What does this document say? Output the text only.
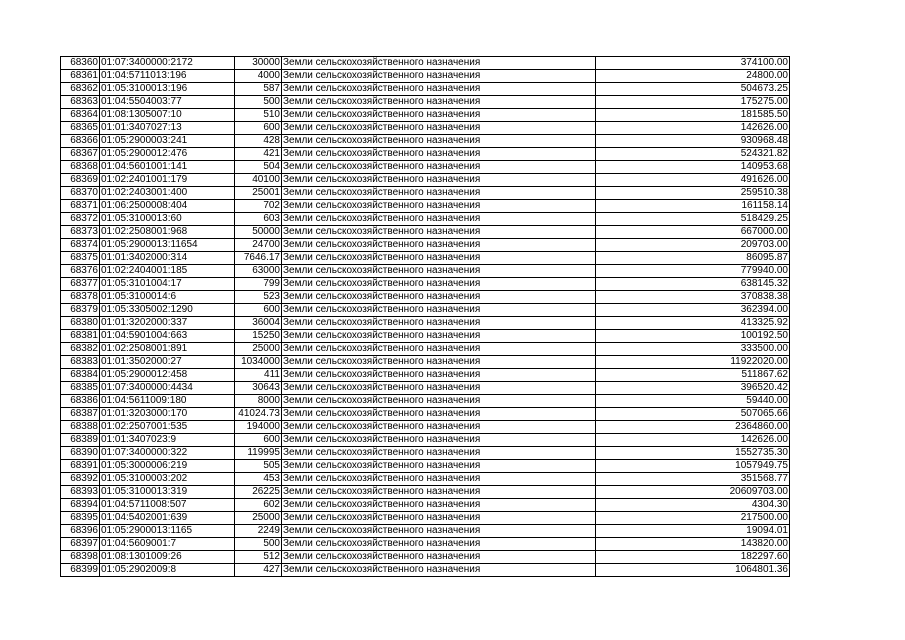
68360	01:07:3400000:2172	30000	Земли сельскохозяйственного назначения	374100.00
68361	01:04:5711013:196	4000	Земли сельскохозяйственного назначения	24800.00
68362	01:05:3100013:196	587	Земли сельскохозяйственного назначения	504673.25
68363	01:04:5504003:77	500	Земли сельскохозяйственного назначения	175275.00
68364	01:08:1305007:10	510	Земли сельскохозяйственного назначения	181585.50
68365	01:01:3407027:13	600	Земли сельскохозяйственного назначения	142626.00
68366	01:05:2900003:241	428	Земли сельскохозяйственного назначения	930968.48
68367	01:05:2900012:476	421	Земли сельскохозяйственного назначения	524321.82
68368	01:04:5601001:141	504	Земли сельскохозяйственного назначения	140953.68
68369	01:02:2401001:179	40100	Земли сельскохозяйственного назначения	491626.00
68370	01:02:2403001:400	25001	Земли сельскохозяйственного назначения	259510.38
68371	01:06:2500008:404	702	Земли сельскохозяйственного назначения	161158.14
68372	01:05:3100013:60	603	Земли сельскохозяйственного назначения	518429.25
68373	01:02:2508001:968	50000	Земли сельскохозяйственного назначения	667000.00
68374	01:05:2900013:11654	24700	Земли сельскохозяйственного назначения	209703.00
68375	01:01:3402000:314	7646.17	Земли сельскохозяйственного назначения	86095.87
68376	01:02:2404001:185	63000	Земли сельскохозяйственного назначения	779940.00
68377	01:05:3101004:17	799	Земли сельскохозяйственного назначения	638145.32
68378	01:05:3100014:6	523	Земли сельскохозяйственного назначения	370838.38
68379	01:05:3305002:1290	600	Земли сельскохозяйственного назначения	362394.00
68380	01:01:3202000:337	36004	Земли сельскохозяйственного назначения	413325.92
68381	01:04:5901004:663	15250	Земли сельскохозяйственного назначения	100192.50
68382	01:02:2508001:891	25000	Земли сельскохозяйственного назначения	333500.00
68383	01:01:3502000:27	1034000	Земли сельскохозяйственного назначения	11922020.00
68384	01:05:2900012:458	411	Земли сельскохозяйственного назначения	511867.62
68385	01:07:3400000:4434	30643	Земли сельскохозяйственного назначения	396520.42
68386	01:04:5611009:180	8000	Земли сельскохозяйственного назначения	59440.00
68387	01:01:3203000:170	41024.73	Земли сельскохозяйственного назначения	507065.66
68388	01:02:2507001:535	194000	Земли сельскохозяйственного назначения	2364860.00
68389	01:01:3407023:9	600	Земли сельскохозяйственного назначения	142626.00
68390	01:07:3400000:322	119995	Земли сельскохозяйственного назначения	1552735.30
68391	01:05:3000006:219	505	Земли сельскохозяйственного назначения	1057949.75
68392	01:05:3100003:202	453	Земли сельскохозяйственного назначения	351568.77
68393	01:05:3100013:319	26225	Земли сельскохозяйственного назначения	20609703.00
68394	01:04:5711008:507	602	Земли сельскохозяйственного назначения	4304.30
68395	01:04:5402001:639	25000	Земли сельскохозяйственного назначения	217500.00
68396	01:05:2900013:1165	2249	Земли сельскохозяйственного назначения	19094.01
68397	01:04:5609001:7	500	Земли сельскохозяйственного назначения	143820.00
68398	01:08:1301009:26	512	Земли сельскохозяйственного назначения	182297.60
68399	01:05:2902009:8	427	Земли сельскохозяйственного назначения	1064801.36
